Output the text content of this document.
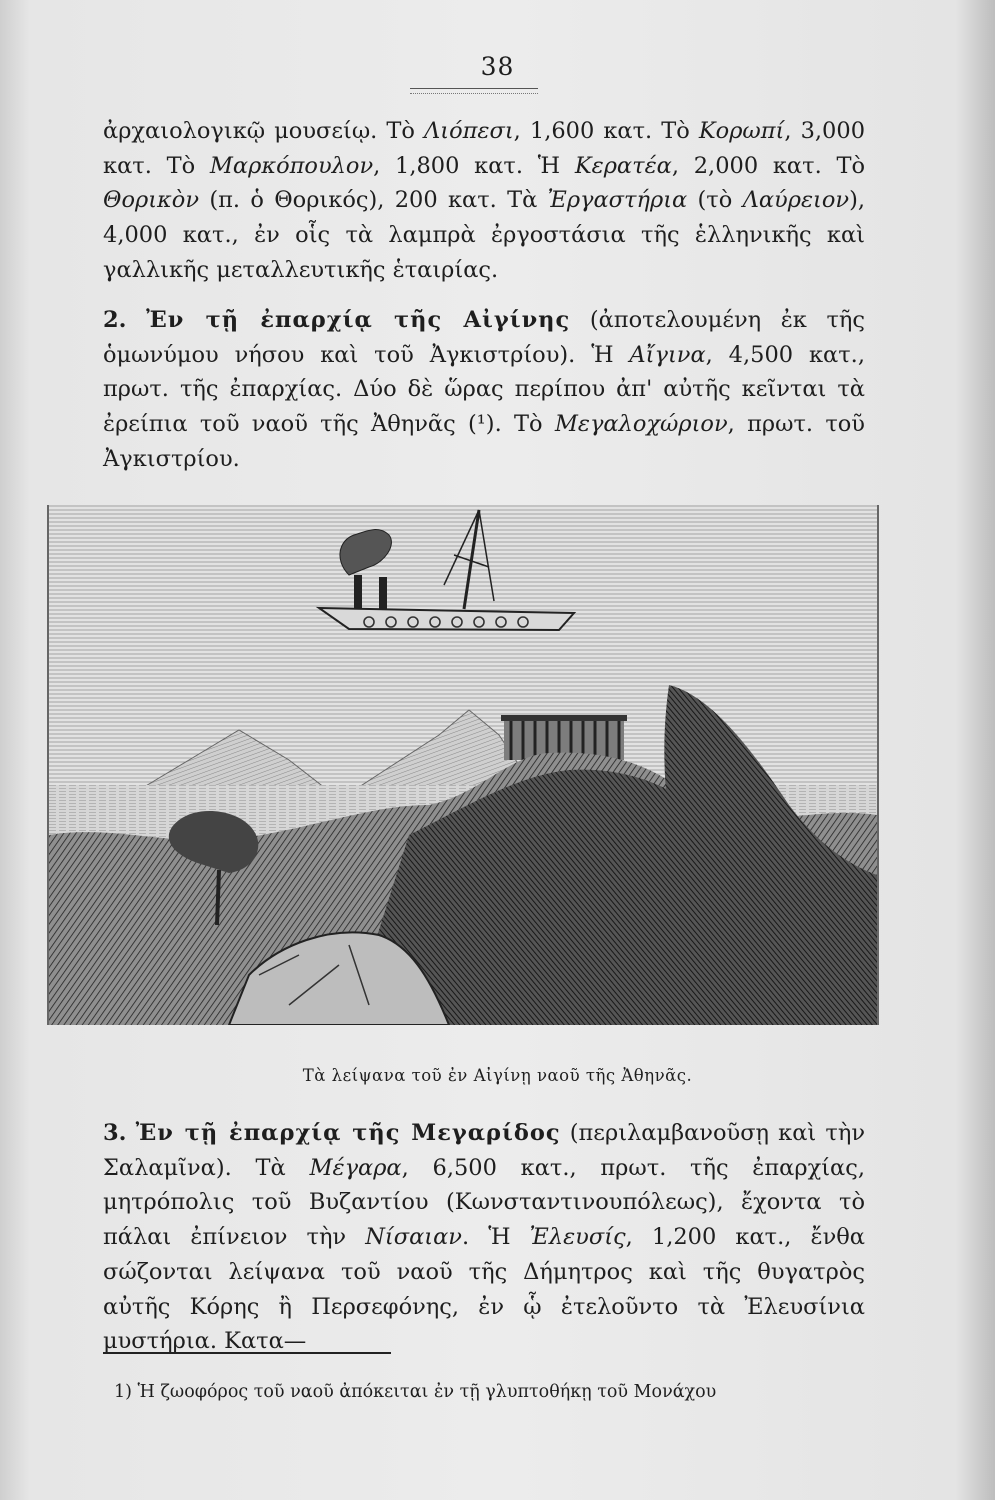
38

ἀρχαιολογικῷ μουσείῳ. Τὸ Λιόπεσι, 1,600 κατ. Τὸ Κορωπί, 3,000 κατ. Τὸ Μαρκόπουλον, 1,800 κατ. Ἡ Κερατέα, 2,000 κατ. Τὸ Θορικὸν (π. ὁ Θορικός), 200 κατ. Τὰ Ἐργαστήρια (τὸ Λαύρειον), 4,000 κατ., ἐν οἷς τὰ λαμπρὰ ἐργοστάσια τῆς ἑλληνικῆς καὶ γαλλικῆς μεταλλευτικῆς ἑταιρίας.

2. Ἐν τῇ ἐπαρχίᾳ τῆς Αἰγίνης (ἀποτελουμένη ἐκ τῆς ὁμωνύμου νήσου καὶ τοῦ Ἀγκιστρίου). Ἡ Αἴγινα, 4,500 κατ., πρωτ. τῆς ἐπαρχίας. Δύο δὲ ὥρας περίπου ἀπ' αὐτῆς κεῖνται τὰ ἐρείπια τοῦ ναοῦ τῆς Ἀθηνᾶς (¹). Τὸ Μεγαλοχώριον, πρωτ. τοῦ Ἀγκιστρίου.

Τὰ λείψανα τοῦ ἐν Αἰγίνῃ ναοῦ τῆς Ἀθηνᾶς.

3. Ἐν τῇ ἐπαρχίᾳ τῆς Μεγαρίδος (περιλαμβανοῦσῃ καὶ τὴν Σαλαμῖνα). Τὰ Μέγαρα, 6,500 κατ., πρωτ. τῆς ἐπαρχίας, μητρόπολις τοῦ Βυζαντίου (Κωνσταντινουπόλεως), ἔχοντα τὸ πάλαι ἐπίνειον τὴν Νίσαιαν. Ἡ Ἐλευσίς, 1,200 κατ., ἔνθα σώζονται λείψανα τοῦ ναοῦ τῆς Δήμητρος καὶ τῆς θυγατρὸς αὐτῆς Κόρης ἢ Περσεφόνης, ἐν ᾧ ἐτελοῦντο τὰ Ἐλευσίνια μυστήρια. Κατα—

1) Ἡ ζωοφόρος τοῦ ναοῦ ἀπόκειται ἐν τῇ γλυπτοθήκῃ τοῦ Μονάχου
